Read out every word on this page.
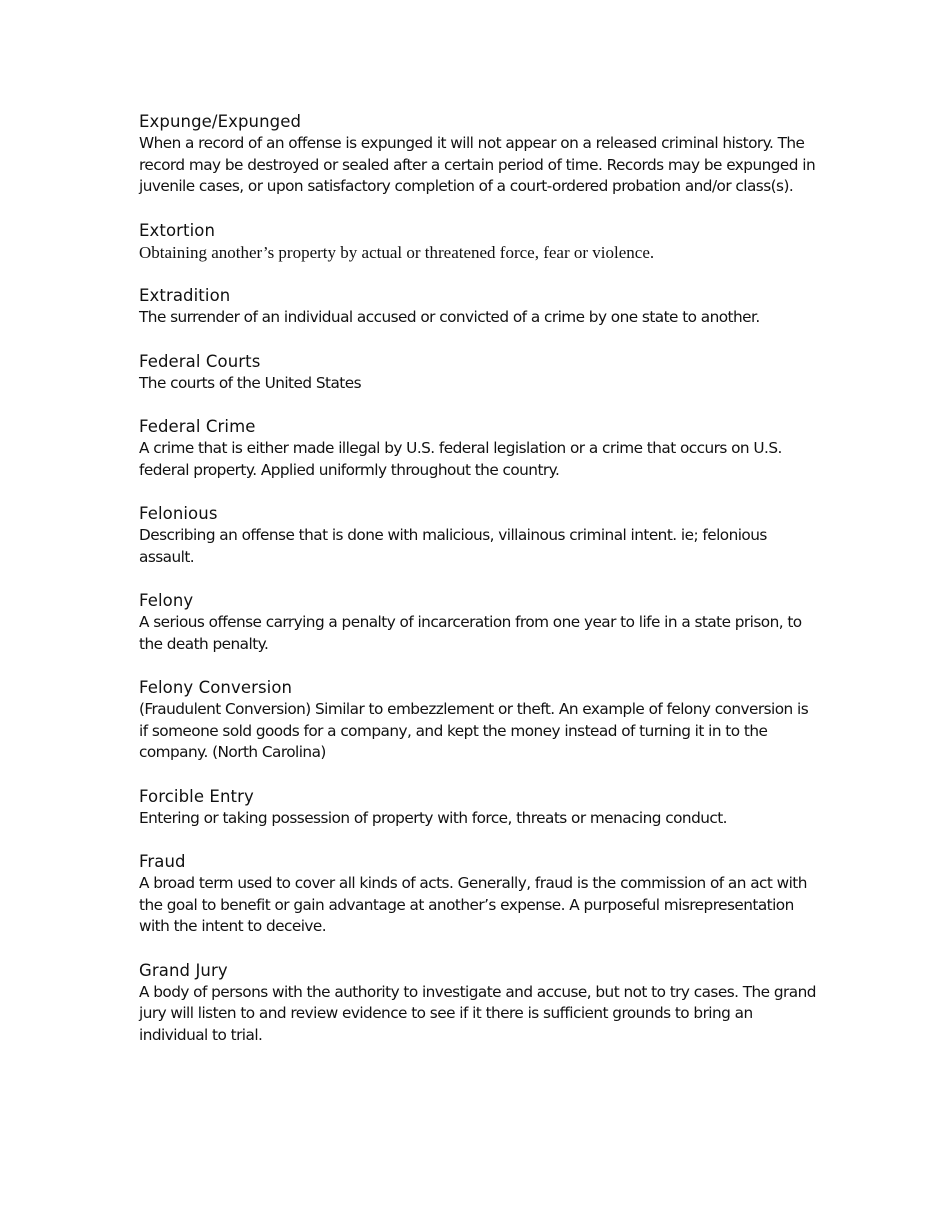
Expunge/Expunged

When a record of an offense is expunged it will not appear on a released criminal history. The record may be destroyed or sealed after a certain period of time. Records may be expunged in juvenile cases, or upon satisfactory completion of a court-ordered probation and/or class(s).

Extortion

Obtaining another’s property by actual or threatened force, fear or violence.

Extradition

The surrender of an individual accused or convicted of a crime by one state to another.

Federal Courts

The courts of the United States

Federal Crime

A crime that is either made illegal by U.S. federal legislation or a crime that occurs on U.S. federal property. Applied uniformly throughout the country.

Felonious

Describing an offense that is done with malicious, villainous criminal intent. ie; felonious assault.

Felony

A serious offense carrying a penalty of incarceration from one year to life in a state prison, to the death penalty.

Felony Conversion

(Fraudulent Conversion) Similar to embezzlement or theft. An example of felony conversion is if someone sold goods for a company, and kept the money instead of turning it in to the company. (North Carolina)

Forcible Entry

Entering or taking possession of property with force, threats or menacing conduct.

Fraud

A broad term used to cover all kinds of acts. Generally, fraud is the commission of an act with the goal to benefit or gain advantage at another’s expense. A purposeful misrepresentation with the intent to deceive.

Grand Jury

A body of persons with the authority to investigate and accuse, but not to try cases. The grand jury will listen to and review evidence to see if it there is sufficient grounds to bring an individual to trial.
